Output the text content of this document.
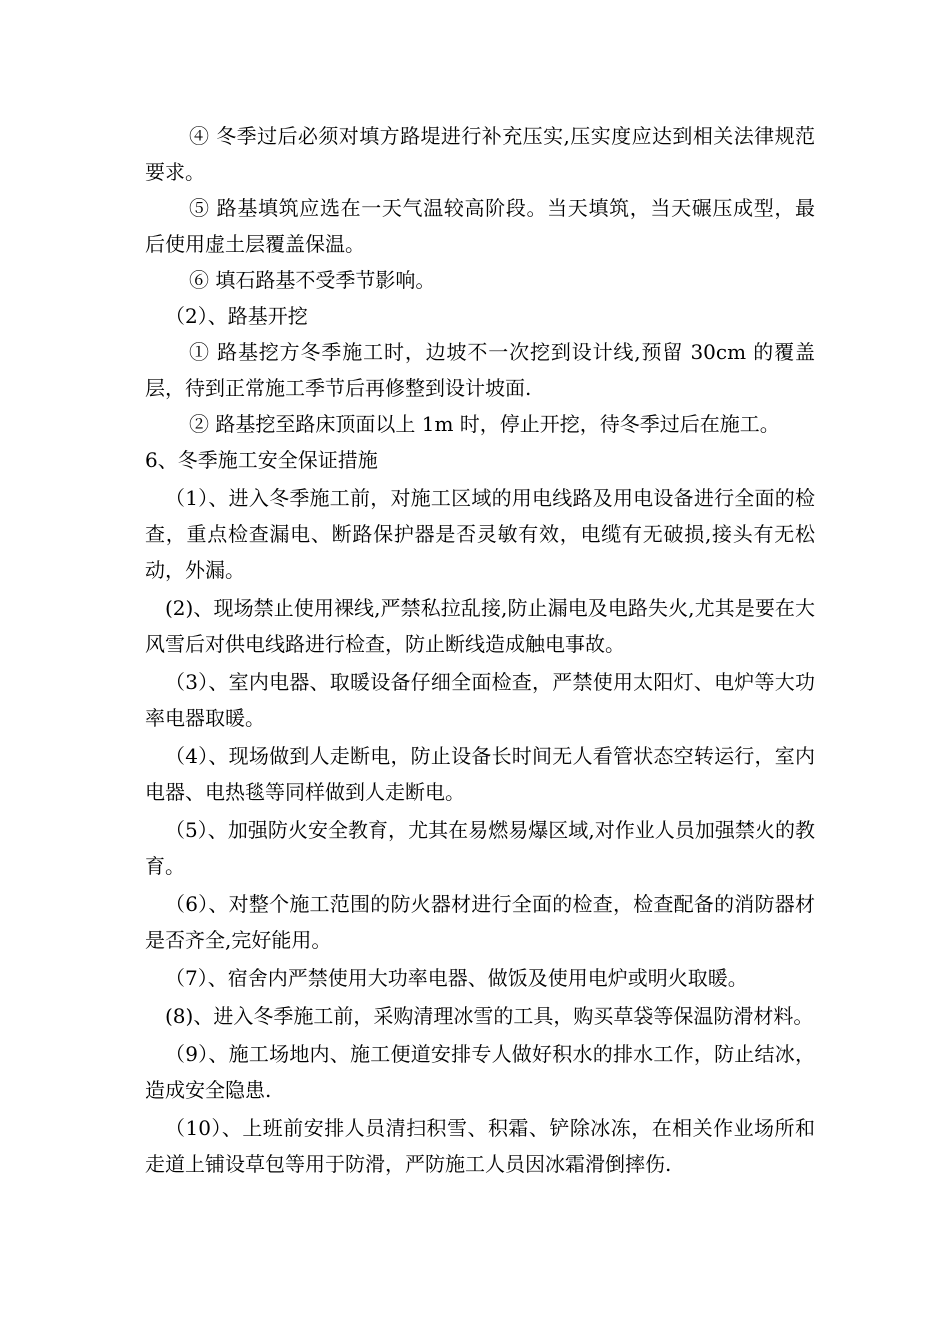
④ 冬季过后必须对填方路堤进行补充压实,压实度应达到相关法律规范要求。

⑤ 路基填筑应选在一天气温较高阶段。当天填筑，当天碾压成型，最后使用虚土层覆盖保温。

⑥ 填石路基不受季节影响。

（2）、路基开挖

① 路基挖方冬季施工时，边坡不一次挖到设计线,预留 30cm 的覆盖层，待到正常施工季节后再修整到设计坡面.

② 路基挖至路床顶面以上 1m 时，停止开挖，待冬季过后在施工。

6、冬季施工安全保证措施

（1）、进入冬季施工前，对施工区域的用电线路及用电设备进行全面的检查，重点检查漏电、断路保护器是否灵敏有效，电缆有无破损,接头有无松动，外漏。

(2)、现场禁止使用裸线,严禁私拉乱接,防止漏电及电路失火,尤其是要在大风雪后对供电线路进行检查，防止断线造成触电事故。

（3）、室内电器、取暖设备仔细全面检查，严禁使用太阳灯、电炉等大功率电器取暖。

（4）、现场做到人走断电，防止设备长时间无人看管状态空转运行，室内电器、电热毯等同样做到人走断电。

（5）、加强防火安全教育，尤其在易燃易爆区域,对作业人员加强禁火的教育。

（6）、对整个施工范围的防火器材进行全面的检查，检查配备的消防器材是否齐全,完好能用。

（7）、宿舍内严禁使用大功率电器、做饭及使用电炉或明火取暖。

(8)、进入冬季施工前，采购清理冰雪的工具，购买草袋等保温防滑材料。

（9）、施工场地内、施工便道安排专人做好积水的排水工作，防止结冰，造成安全隐患.

（10）、上班前安排人员清扫积雪、积霜、铲除冰冻，在相关作业场所和走道上铺设草包等用于防滑，严防施工人员因冰霜滑倒摔伤.
